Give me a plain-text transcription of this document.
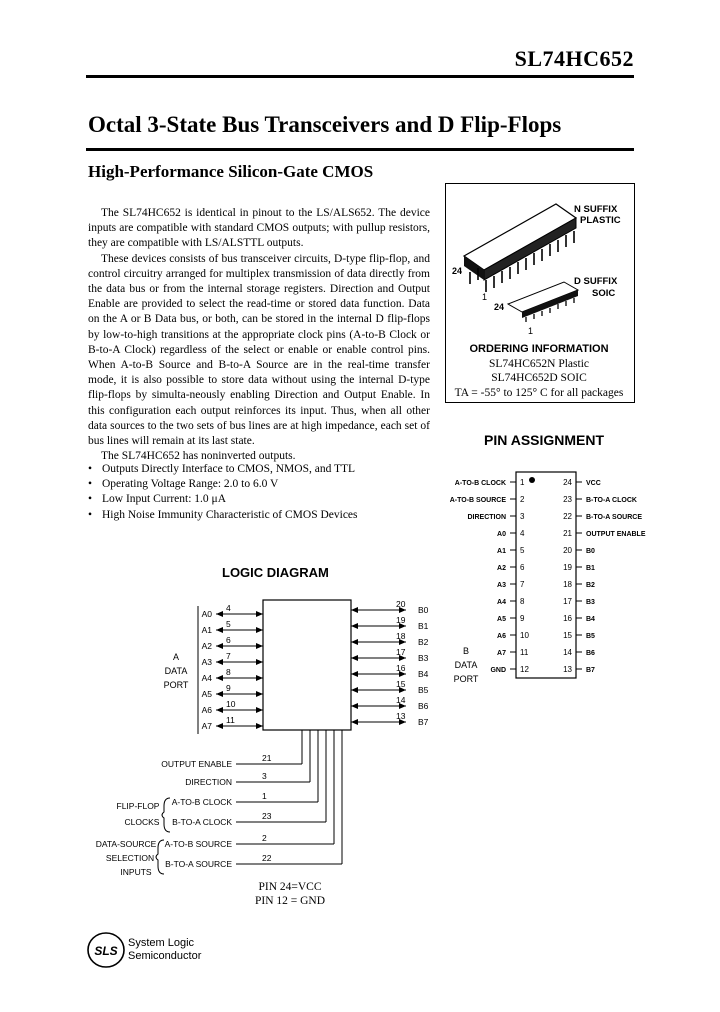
SL74HC652
Octal 3-State Bus Transceivers and D Flip-Flops
High-Performance Silicon-Gate CMOS

The SL74HC652 is identical in pinout to the LS/ALS652. The device inputs are compatible with standard CMOS outputs; with pullup resistors, they are compatible with LS/ALSTTL outputs.

These devices consists of bus transceiver circuits, D-type flip-flop, and control circuitry arranged for multiplex transmission of data directly from the data bus or from the internal storage registers. Direction and Output Enable are provided to select the read-time or stored data function. Data on the A or B Data bus, or both, can be stored in the internal D flip-flops by low-to-high transitions at the appropriate clock pins (A-to-B Clock or B-to-A Clock) regardless of the select or enable or enable control pins. When A-to-B Source and B-to-A Source are in the real-time transfer mode, it is also possible to store data without using the internal D-type flip-flops by simulta-neously enabling Direction and Output Enable. In this configuration each output reinforces its input. Thus, when all other data sources to the two sets of bus lines are at high impedance, each set of bus lines will remain at its last state.

The SL74HC652 has noninverted outputs.

• Outputs Directly Interface to CMOS, NMOS, and TTL
• Operating Voltage Range: 2.0 to 6.0 V
• Low Input Current: 1.0 μA
• High Noise Immunity Characteristic of CMOS Devices
N SUFFIX
PLASTIC
D SUFFIX
SOIC
24
1
24
1
ORDERING INFORMATION
SL74HC652N Plastic
SL74HC652D SOIC
TA = -55° to 125° C for all packages
PIN ASSIGNMENT
1
A-TO-B CLOCK
2
A-TO-B SOURCE
3
DIRECTION
4
A0
5
A1
6
A2
7
A3
8
A4
9
A5
10
A6
11
A7
12
GND
24 VCC
23 B-TO-A CLOCK
22 B-TO-A SOURCE
21 OUTPUT ENABLE
20 B0
19 B1
18 B2
17 B3
16 B4
15 B5
14 B6
13 B7
LOGIC DIAGRAM
A0
4
A1
5
A2
6
A3
7
A4
8
A5
9
A6
10
A7
11
B0
20
B1
19
B2
18
B3
17
B4
16
B5
15
B6
14
B7
13
OUTPUT ENABLE
21
DIRECTION
3
A-TO-B CLOCK
1
B-TO-A CLOCK
23
A-TO-B SOURCE
2
B-TO-A SOURCE
22
A
DATA
PORT
B
DATA
PORT
FLIP-FLOP
CLOCKS
DATA-SOURCE
SELECTION
INPUTS
PIN 24=VCC
PIN 12 = GND
SLS
System Logic
Semiconductor
